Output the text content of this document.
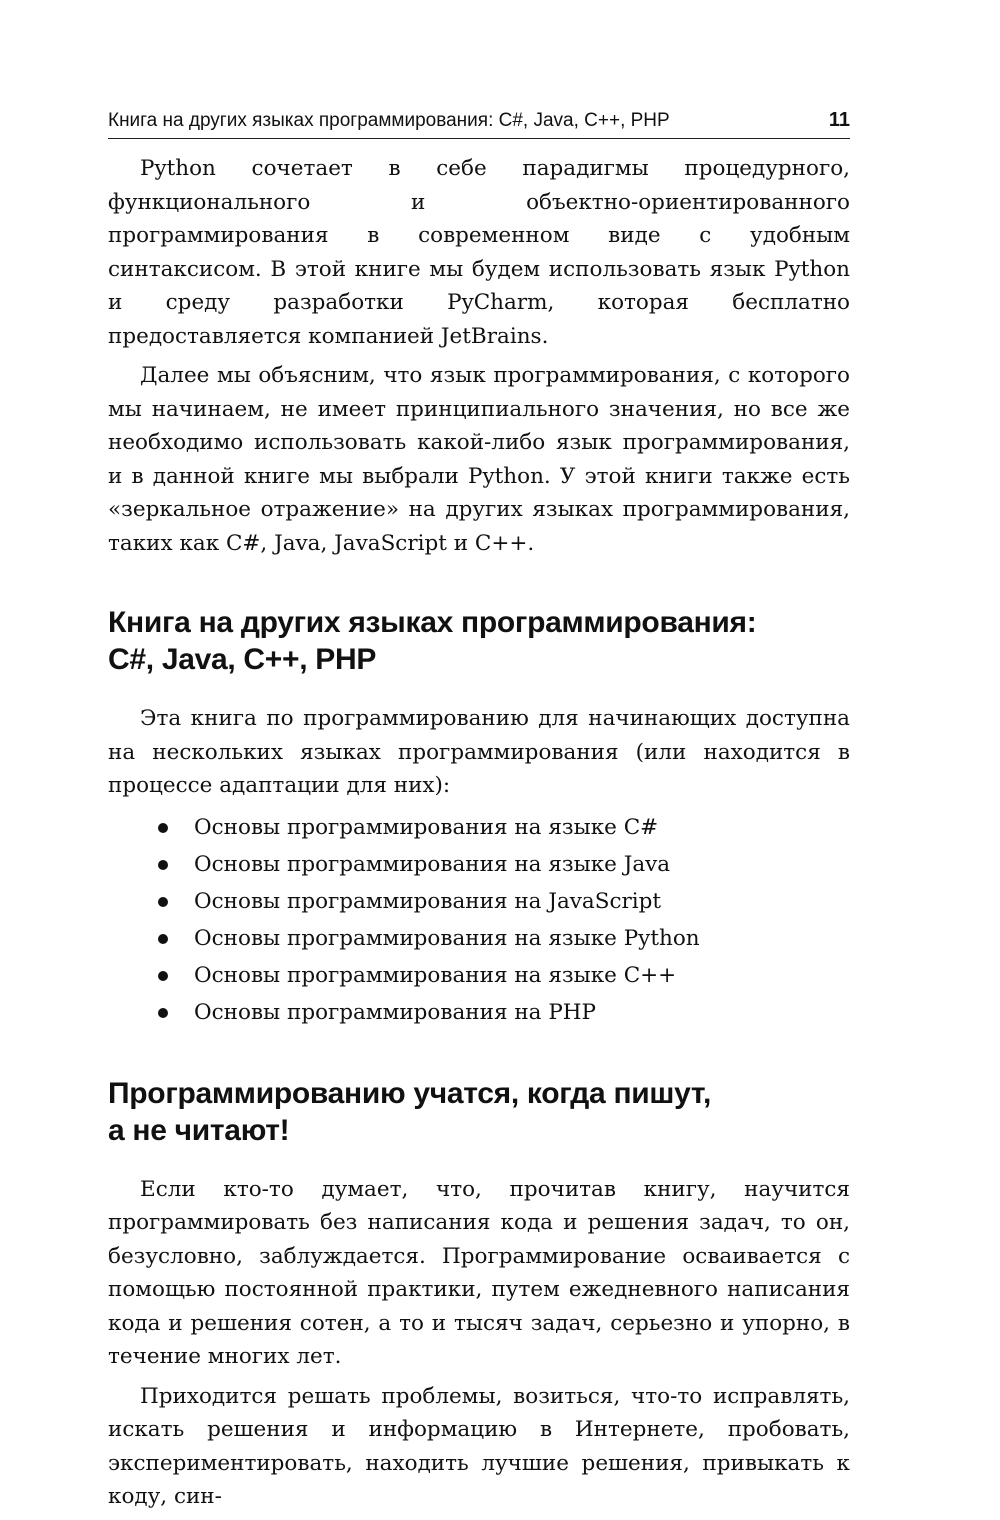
Книга на других языках программирования: C#, Java, C++, PHP	11

Python сочетает в себе парадигмы процедурного, функционального и объектно-ориентированного программирования в современном виде с удобным синтаксисом. В этой книге мы будем использовать язык Python и среду разработки PyCharm, которая бесплатно предоставляется компанией JetBrains.

Далее мы объясним, что язык программирования, с которого мы начинаем, не имеет принципиального значения, но все же необходимо использовать какой-либо язык программирования, и в данной книге мы выбрали Python. У этой книги также есть «зеркальное отражение» на других языках программирования, таких как C#, Java, JavaScript и C++.

Книга на других языках программирования:
C#, Java, C++, PHP

Эта книга по программированию для начинающих доступна на нескольких языках программирования (или находится в процессе адаптации для них):

Основы программирования на языке C#
Основы программирования на языке Java
Основы программирования на JavaScript
Основы программирования на языке Python
Основы программирования на языке C++
Основы программирования на PHP
Программированию учатся, когда пишут,
а не читают!

Если кто-то думает, что, прочитав книгу, научится программировать без написания кода и решения задач, то он, безусловно, заблуждается. Программирование осваивается с помощью постоянной практики, путем ежедневного написания кода и решения сотен, а то и тысяч задач, серьезно и упорно, в течение многих лет.

Приходится решать проблемы, возиться, что-то исправлять, искать решения и информацию в Интернете, пробовать, экспериментировать, находить лучшие решения, привыкать к коду, син-
